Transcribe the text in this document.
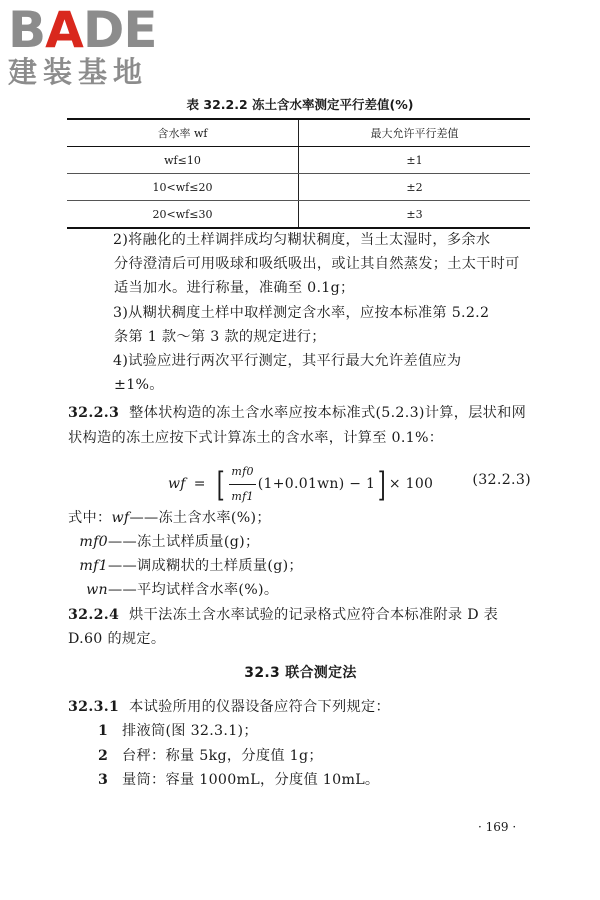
BADE
建装基地
表 32.2.2 冻土含水率测定平行差值(%)
含水率 wf	最大允许平行差值
wf≤10	±1
10<wf≤20	±2
20<wf≤30	±3
2)将融化的土样调拌成均匀糊状稠度，当土太湿时，多余水
分待澄清后可用吸球和吸纸吸出，或让其自然蒸发；土太干时可适当加水。进行称量，准确至 0.1g；
3)从糊状稠度土样中取样测定含水率，应按本标准第 5.2.2
条第 1 款～第 3 款的规定进行；
4)试验应进行两次平行测定，其平行最大允许差值应为
±1%。
32.2.3 整体状构造的冻土含水率应按本标准式(5.2.3)计算，层状和网状构造的冻土应按下式计算冻土的含水率，计算至 0.1%：
wf = [ $\frac{mf0}{mf1} (1+0.01wn) - 1$ ] × 100	(32.2.3)
式中：wf——冻土含水率(%)；
mf0——冻土试样质量(g)；
mf1——调成糊状的土样质量(g)；
wn——平均试样含水率(%)。
32.2.4 烘干法冻土含水率试验的记录格式应符合本标准附录 D 表 D.60 的规定。
32.3 联合测定法
32.3.1 本试验所用的仪器设备应符合下列规定：
1 排液筒(图 32.3.1)；
2 台秤：称量 5kg，分度值 1g；
3 量筒：容量 1000mL，分度值 10mL。
· 169 ·
